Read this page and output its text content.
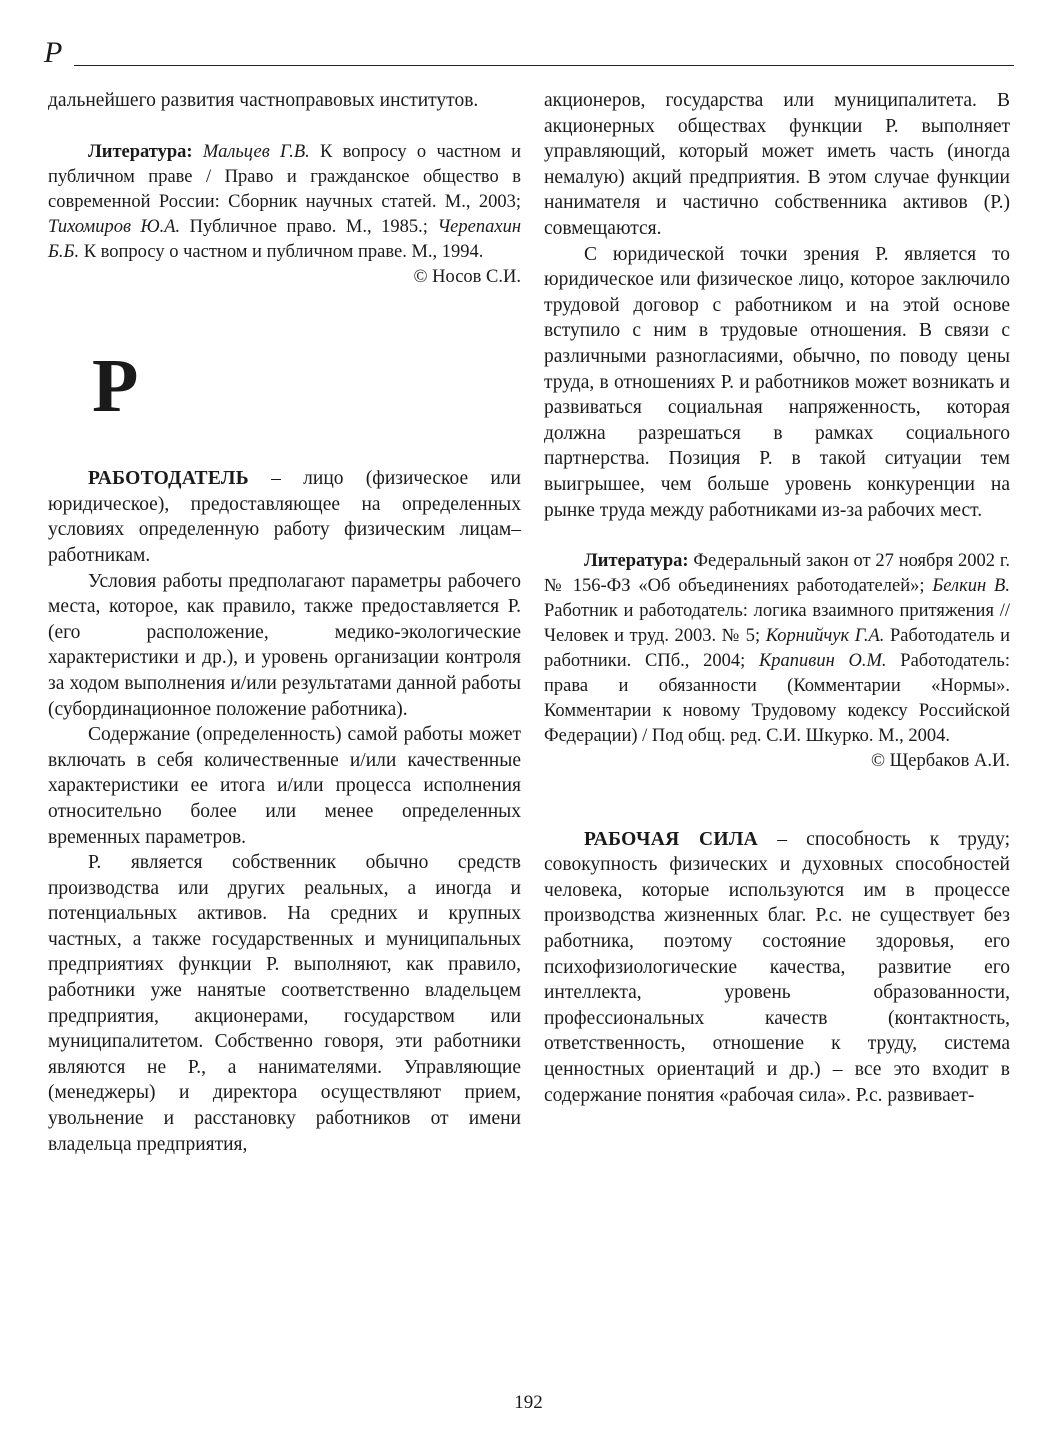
Р

дальнейшего развития частноправовых институтов.

Литература: Мальцев Г.В. К вопросу о частном и публичном праве / Право и гражданское общество в современной России: Сборник научных статей. М., 2003; Тихомиров Ю.А. Публичное право. М., 1985.; Черепахин Б.Б. К вопросу о частном и публичном праве. М., 1994.

© Носов С.И.

Р

РАБОТОДАТЕЛЬ – лицо (физическое или юридическое), предоставляющее на определенных условиях определенную работу физическим лицам–работникам.

Условия работы предполагают параметры рабочего места, которое, как правило, также предоставляется Р. (его расположение, медико-экологические характеристики и др.), и уровень организации контроля за ходом выполнения и/или результатами данной работы (субординационное положение работника).

Содержание (определенность) самой работы может включать в себя количественные и/или качественные характеристики ее итога и/или процесса исполнения относительно более или менее определенных временных параметров.

Р. является собственник обычно средств производства или других реальных, а иногда и потенциальных активов. На средних и крупных частных, а также государственных и муниципальных предприятиях функции Р. выполняют, как правило, работники уже нанятые соответственно владельцем предприятия, акционерами, государством или муниципалитетом. Собственно говоря, эти работники являются не Р., а нанимателями. Управляющие (менеджеры) и директора осуществляют прием, увольнение и расстановку работников от имени владельца предприятия,

акционеров, государства или муниципалитета. В акционерных обществах функции Р. выполняет управляющий, который может иметь часть (иногда немалую) акций предприятия. В этом случае функции нанимателя и частично собственника активов (Р.) совмещаются.

С юридической точки зрения Р. является то юридическое или физическое лицо, которое заключило трудовой договор с работником и на этой основе вступило с ним в трудовые отношения. В связи с различными разногласиями, обычно, по поводу цены труда, в отношениях Р. и работников может возникать и развиваться социальная напряженность, которая должна разрешаться в рамках социального партнерства. Позиция Р. в такой ситуации тем выигрышее, чем больше уровень конкуренции на рынке труда между работниками из-за рабочих мест.

Литература: Федеральный закон от 27 ноября 2002 г. № 156-ФЗ «Об объединениях работодателей»; Белкин В. Работник и работодатель: логика взаимного притяжения // Человек и труд. 2003. № 5; Корнийчук Г.А. Работодатель и работники. СПб., 2004; Крапивин О.М. Работодатель: права и обязанности (Комментарии «Нормы». Комментарии к новому Трудовому кодексу Российской Федерации) / Под общ. ред. С.И. Шкурко. М., 2004.

© Щербаков А.И.

РАБОЧАЯ СИЛА – способность к труду; совокупность физических и духовных способностей человека, которые используются им в процессе производства жизненных благ. Р.с. не существует без работника, поэтому состояние здоровья, его психофизиологические качества, развитие его интеллекта, уровень образованности, профессиональных качеств (контактность, ответственность, отношение к труду, система ценностных ориентаций и др.) – все это входит в содержание понятия «рабочая сила». Р.с. развивает-

192
